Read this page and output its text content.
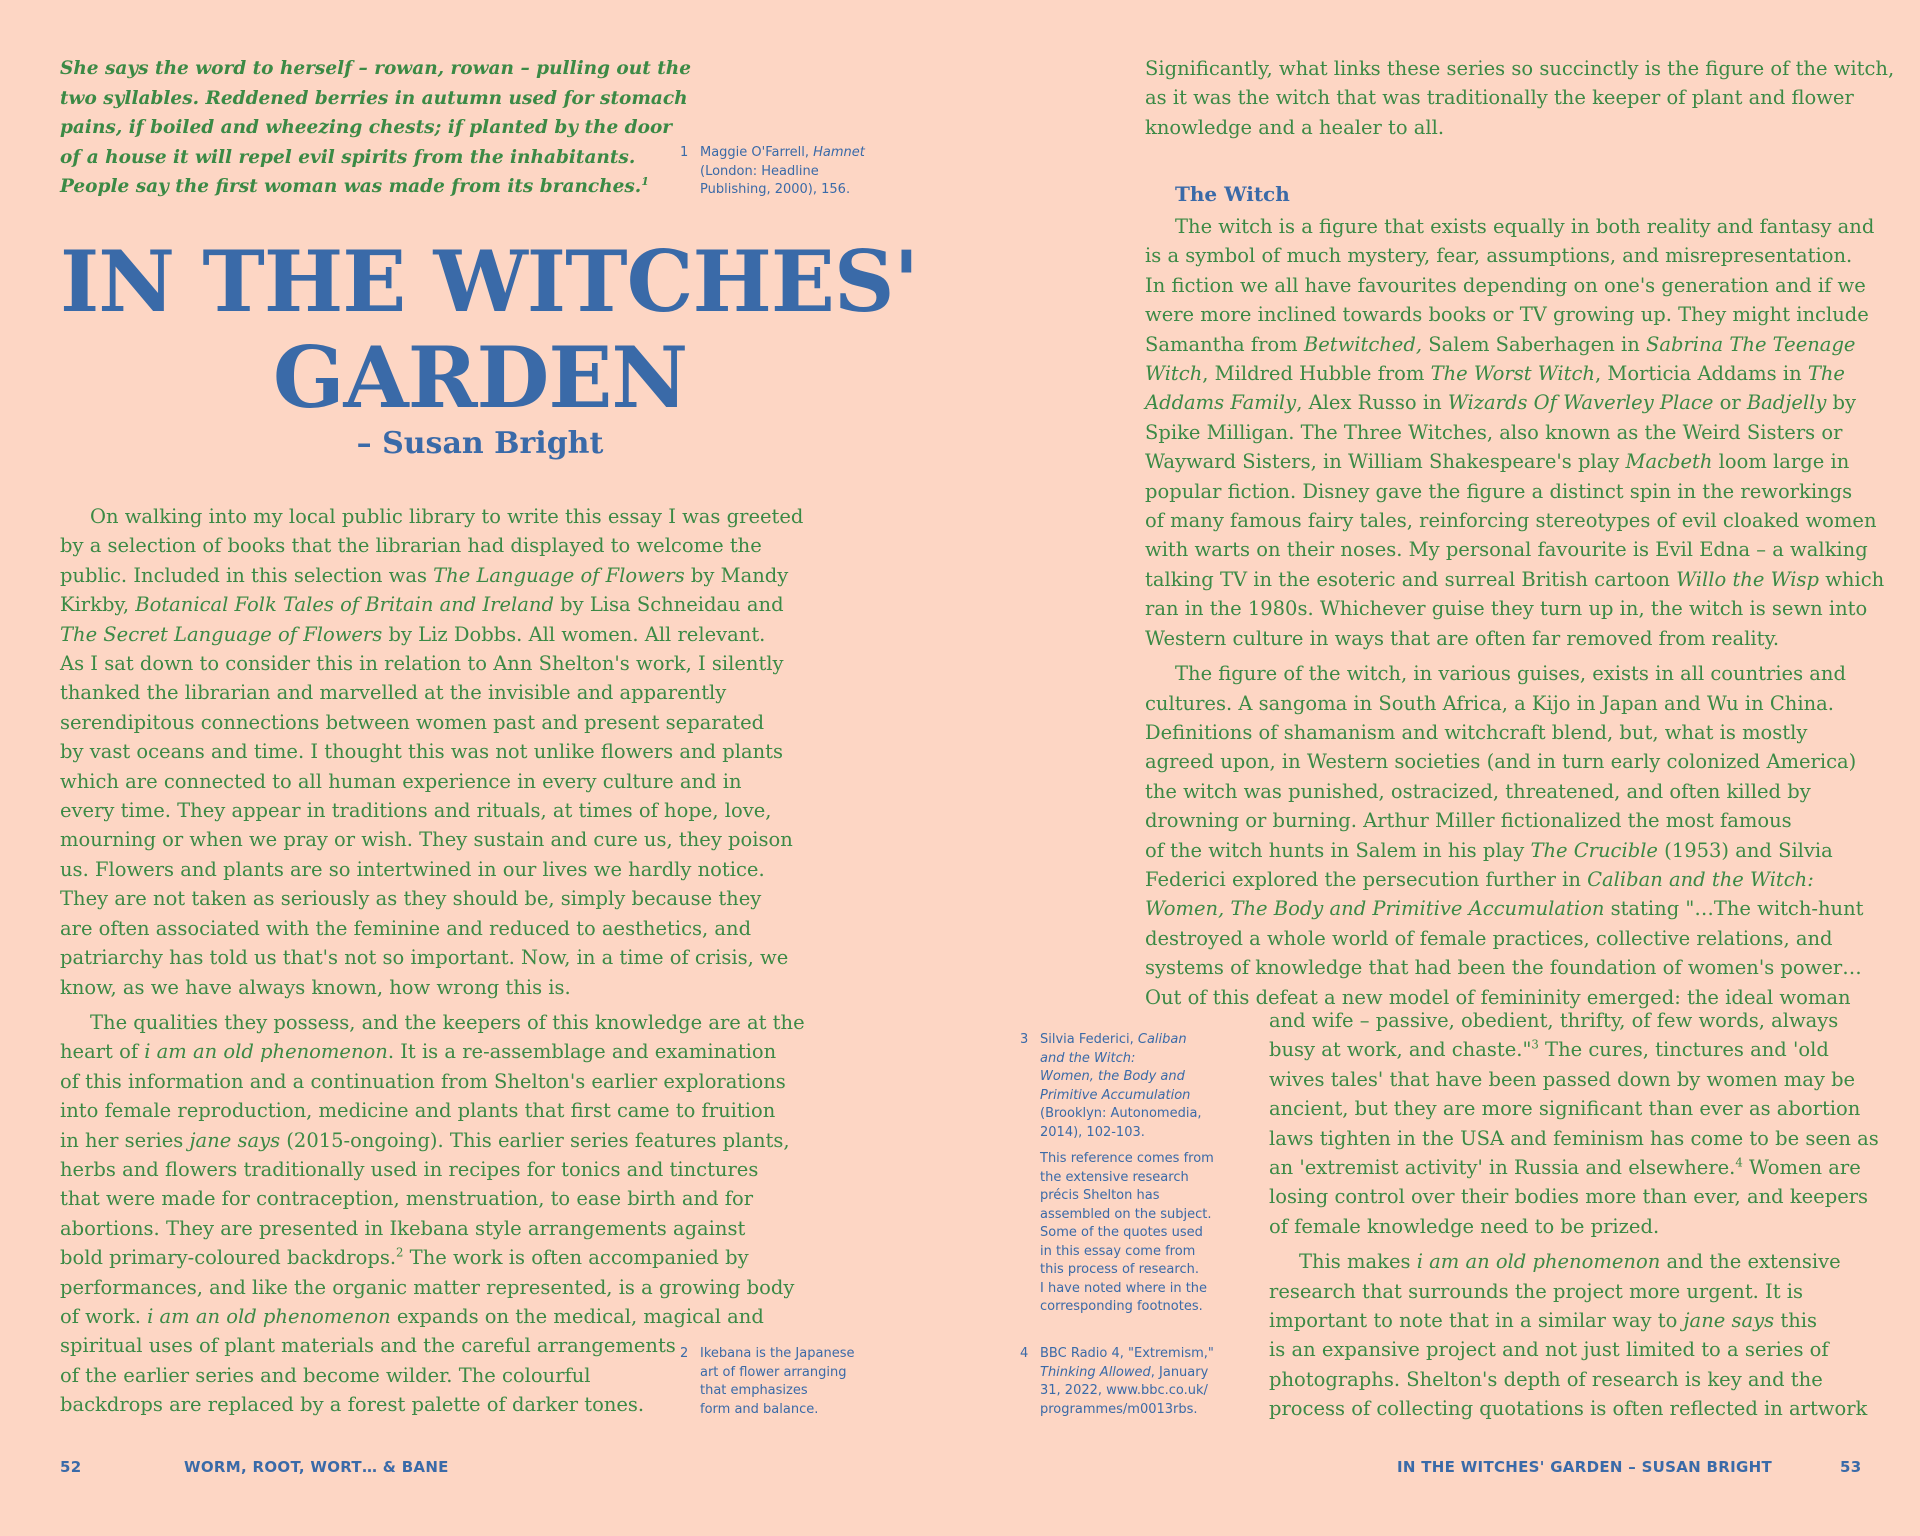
She says the word to herself – rowan, rowan – pulling out the
two syllables. Reddened berries in autumn used for stomach
pains, if boiled and wheezing chests; if planted by the door
of a house it will repel evil spirits from the inhabitants.
People say the first woman was made from its branches.$^1$
1 Maggie O'Farrell, Hamnet
(London: Headline
Publishing, 2000), 156.
IN THE WITCHES'
GARDEN
– Susan Bright
On walking into my local public library to write this essay I was greeted
by a selection of books that the librarian had displayed to welcome the
public. Included in this selection was The Language of Flowers by Mandy
Kirkby, Botanical Folk Tales of Britain and Ireland by Lisa Schneidau and
The Secret Language of Flowers by Liz Dobbs. All women. All relevant.
As I sat down to consider this in relation to Ann Shelton's work, I silently
thanked the librarian and marvelled at the invisible and apparently
serendipitous connections between women past and present separated
by vast oceans and time. I thought this was not unlike flowers and plants
which are connected to all human experience in every culture and in
every time. They appear in traditions and rituals, at times of hope, love,
mourning or when we pray or wish. They sustain and cure us, they poison
us. Flowers and plants are so intertwined in our lives we hardly notice.
They are not taken as seriously as they should be, simply because they
are often associated with the feminine and reduced to aesthetics, and
patriarchy has told us that's not so important. Now, in a time of crisis, we
know, as we have always known, how wrong this is.
The qualities they possess, and the keepers of this knowledge are at the
heart of i am an old phenomenon. It is a re-assemblage and examination
of this information and a continuation from Shelton's earlier explorations
into female reproduction, medicine and plants that first came to fruition
in her series jane says (2015-ongoing). This earlier series features plants,
herbs and flowers traditionally used in recipes for tonics and tinctures
that were made for contraception, menstruation, to ease birth and for
abortions. They are presented in Ikebana style arrangements against
bold primary-coloured backdrops.$^2$ The work is often accompanied by
performances, and like the organic matter represented, is a growing body
of work. i am an old phenomenon expands on the medical, magical and
spiritual uses of plant materials and the careful arrangements
of the earlier series and become wilder. The colourful
backdrops are replaced by a forest palette of darker tones.
2 Ikebana is the Japanese
art of flower arranging
that emphasizes
form and balance.
52	WORM, ROOT, WORT… & BANE
Significantly, what links these series so succinctly is the figure of the witch,
as it was the witch that was traditionally the keeper of plant and flower
knowledge and a healer to all.
The Witch
The witch is a figure that exists equally in both reality and fantasy and
is a symbol of much mystery, fear, assumptions, and misrepresentation.
In fiction we all have favourites depending on one's generation and if we
were more inclined towards books or TV growing up. They might include
Samantha from Betwitched, Salem Saberhagen in Sabrina The Teenage
Witch, Mildred Hubble from The Worst Witch, Morticia Addams in The
Addams Family, Alex Russo in Wizards Of Waverley Place or Badjelly by
Spike Milligan. The Three Witches, also known as the Weird Sisters or
Wayward Sisters, in William Shakespeare's play Macbeth loom large in
popular fiction. Disney gave the figure a distinct spin in the reworkings
of many famous fairy tales, reinforcing stereotypes of evil cloaked women
with warts on their noses. My personal favourite is Evil Edna – a walking
talking TV in the esoteric and surreal British cartoon Willo the Wisp which
ran in the 1980s. Whichever guise they turn up in, the witch is sewn into
Western culture in ways that are often far removed from reality.
The figure of the witch, in various guises, exists in all countries and
cultures. A sangoma in South Africa, a Kijo in Japan and Wu in China.
Definitions of shamanism and witchcraft blend, but, what is mostly
agreed upon, in Western societies (and in turn early colonized America)
the witch was punished, ostracized, threatened, and often killed by
drowning or burning. Arthur Miller fictionalized the most famous
of the witch hunts in Salem in his play The Crucible (1953) and Silvia
Federici explored the persecution further in Caliban and the Witch:
Women, The Body and Primitive Accumulation stating "…The witch-hunt
destroyed a whole world of female practices, collective relations, and
systems of knowledge that had been the foundation of women's power…
Out of this defeat a new model of femininity emerged: the ideal woman
and wife – passive, obedient, thrifty, of few words, always
busy at work, and chaste."$^3$ The cures, tinctures and 'old
wives tales' that have been passed down by women may be
ancient, but they are more significant than ever as abortion
laws tighten in the USA and feminism has come to be seen as
an 'extremist activity' in Russia and elsewhere.$^4$ Women are
losing control over their bodies more than ever, and keepers
of female knowledge need to be prized.
This makes i am an old phenomenon and the extensive
research that surrounds the project more urgent. It is
important to note that in a similar way to jane says this
is an expansive project and not just limited to a series of
photographs. Shelton's depth of research is key and the
process of collecting quotations is often reflected in artwork
3 Silvia Federici, Caliban
and the Witch:
Women, the Body and
Primitive Accumulation
(Brooklyn: Autonomedia,
2014), 102-103.
This reference comes from
the extensive research
précis Shelton has
assembled on the subject.
Some of the quotes used
in this essay come from
this process of research.
I have noted where in the
corresponding footnotes.
4 BBC Radio 4, "Extremism,"
Thinking Allowed, January
31, 2022, www.bbc.co.uk/
programmes/m0013rbs.
IN THE WITCHES' GARDEN – SUSAN BRIGHT	53
